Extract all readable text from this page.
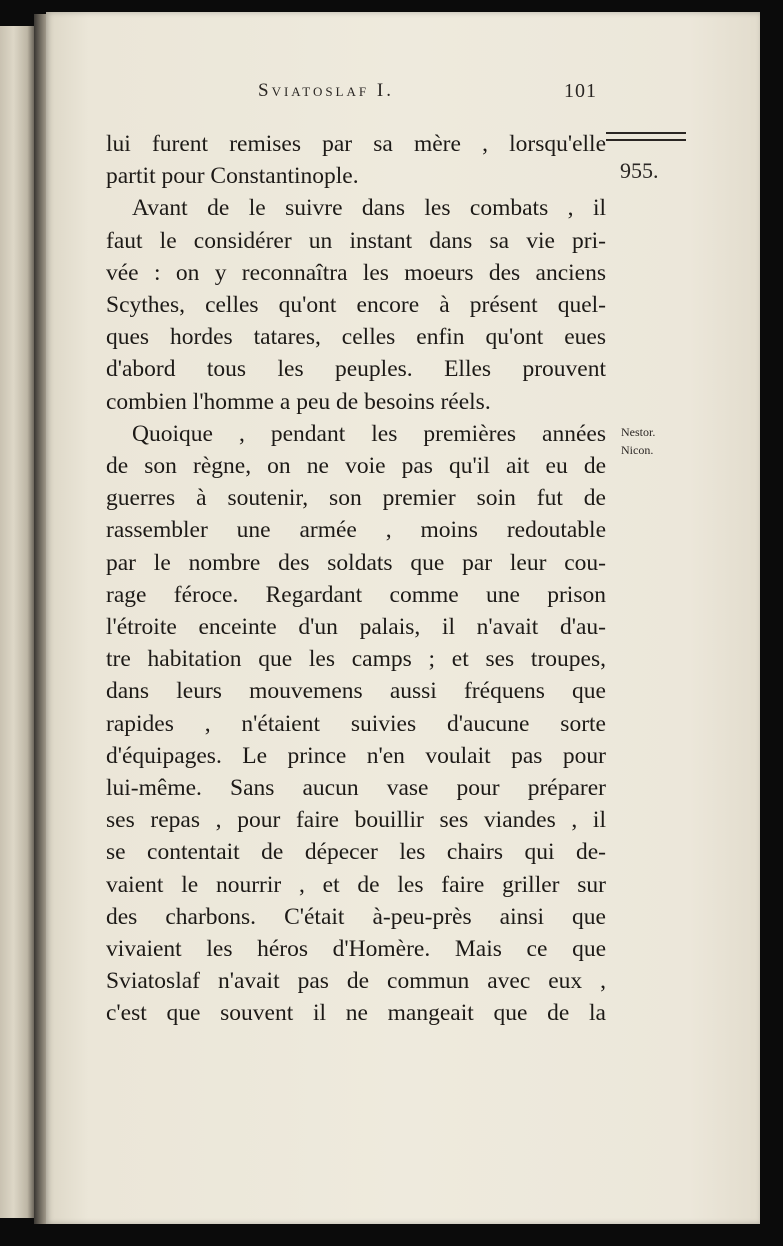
Sviatoslaf I.	101
955.
Nestor.
Nicon.
lui furent remises par sa mère , lorsqu'elle
partit pour Constantinople.
Avant de le suivre dans les combats , il
faut le considérer un instant dans sa vie pri-
vée : on y reconnaîtra les moeurs des anciens
Scythes, celles qu'ont encore à présent quel-
ques hordes tatares, celles enfin qu'ont eues
d'abord tous les peuples. Elles prouvent
combien l'homme a peu de besoins réels.
Quoique , pendant les premières années
de son règne, on ne voie pas qu'il ait eu de
guerres à soutenir, son premier soin fut de
rassembler une armée , moins redoutable
par le nombre des soldats que par leur cou-
rage féroce. Regardant comme une prison
l'étroite enceinte d'un palais, il n'avait d'au-
tre habitation que les camps ; et ses troupes,
dans leurs mouvemens aussi fréquens que
rapides , n'étaient suivies d'aucune sorte
d'équipages. Le prince n'en voulait pas pour
lui-même. Sans aucun vase pour préparer
ses repas , pour faire bouillir ses viandes , il
se contentait de dépecer les chairs qui de-
vaient le nourrir , et de les faire griller sur
des charbons. C'était à-peu-près ainsi que
vivaient les héros d'Homère. Mais ce que
Sviatoslaf n'avait pas de commun avec eux ,
c'est que souvent il ne mangeait que de la
